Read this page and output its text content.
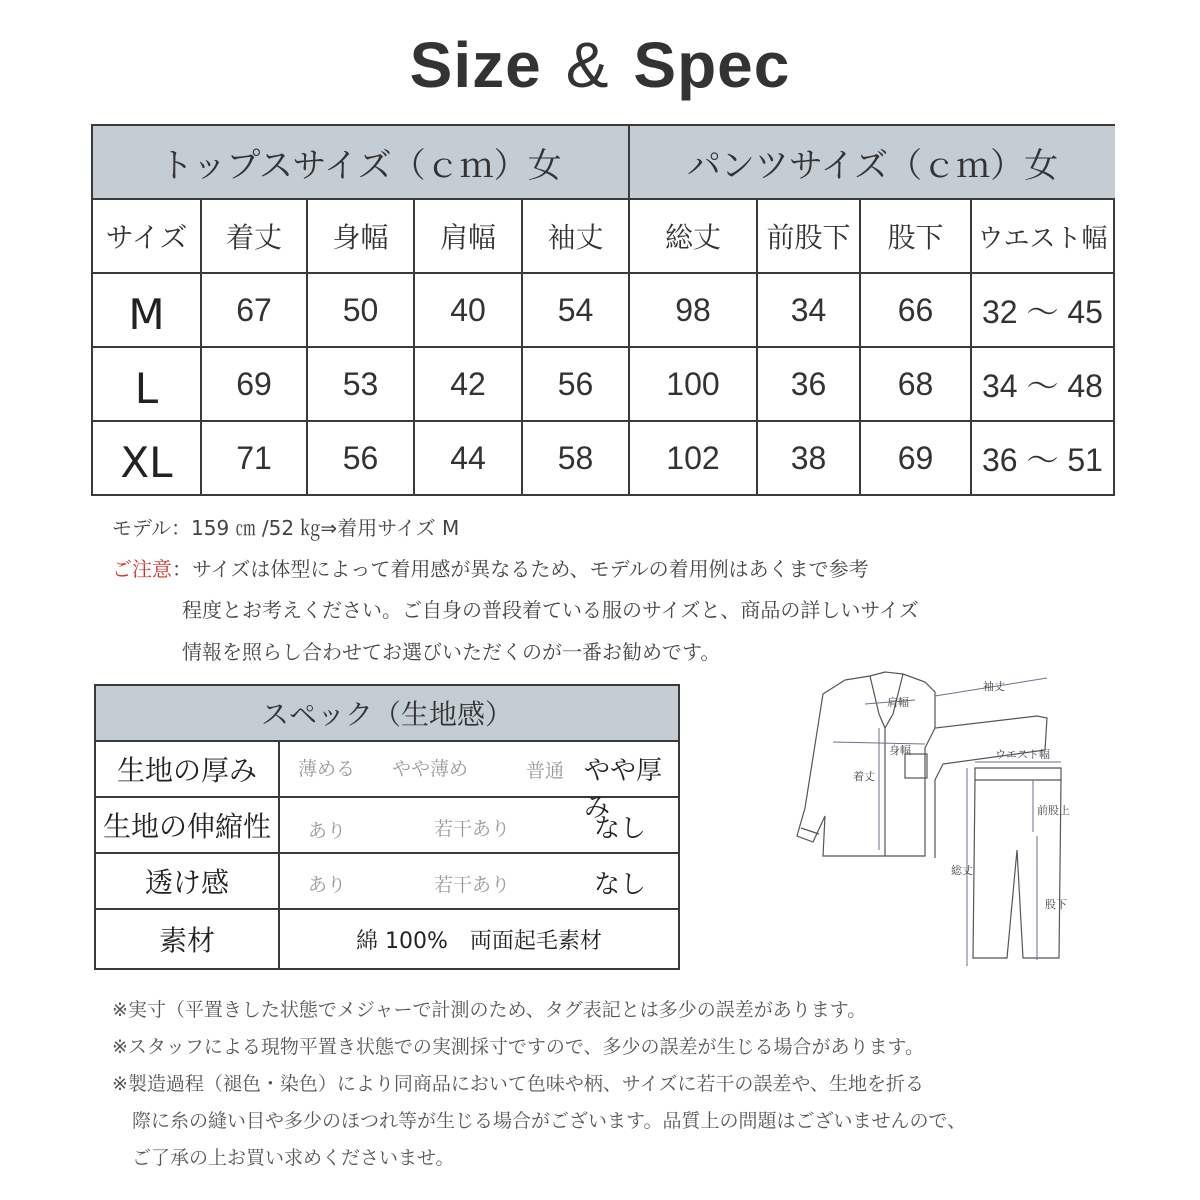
Size & Spec
トップスサイズ（ｃｍ）女	パンツサイズ（ｃｍ）女
サイズ	着丈	身幅	肩幅	袖丈	総丈	前股下	股下	ウエスト幅
M	67	50	40	54	98	34	66	32 ～ 45
L	69	53	42	56	100	36	68	34 ～ 48
XL	71	56	44	58	102	38	69	36 ～ 51
モデル：159 ㎝ /52 ㎏⇒着用サイズ M
ご注意：サイズは体型によって着用感が異なるため、モデルの着用例はあくまで参考
程度とお考えください。ご自身の普段着ている服のサイズと、商品の詳しいサイズ
情報を照らし合わせてお選びいただくのが一番お勧めです。
スペック（生地感）
生地の厚み	薄める やや薄め	普通 やや厚み
生地の伸縮性	あり	若干あり	なし
透け感	あり	若干あり	なし
素材	綿 100%　両面起毛素材
袖丈
肩幅
身幅
着丈
ウエスト幅
前股上
総丈
股下
※実寸（平置きした状態でメジャーで計測のため、タグ表記とは多少の誤差があります。
※スタッフによる現物平置き状態での実測採寸ですので、多少の誤差が生じる場合があります。
※製造過程（褪色・染色）により同商品において色味や柄、サイズに若干の誤差や、生地を折る
際に糸の縫い目や多少のほつれ等が生じる場合がございます。品質上の問題はございませんので、
ご了承の上お買い求めくださいませ。
